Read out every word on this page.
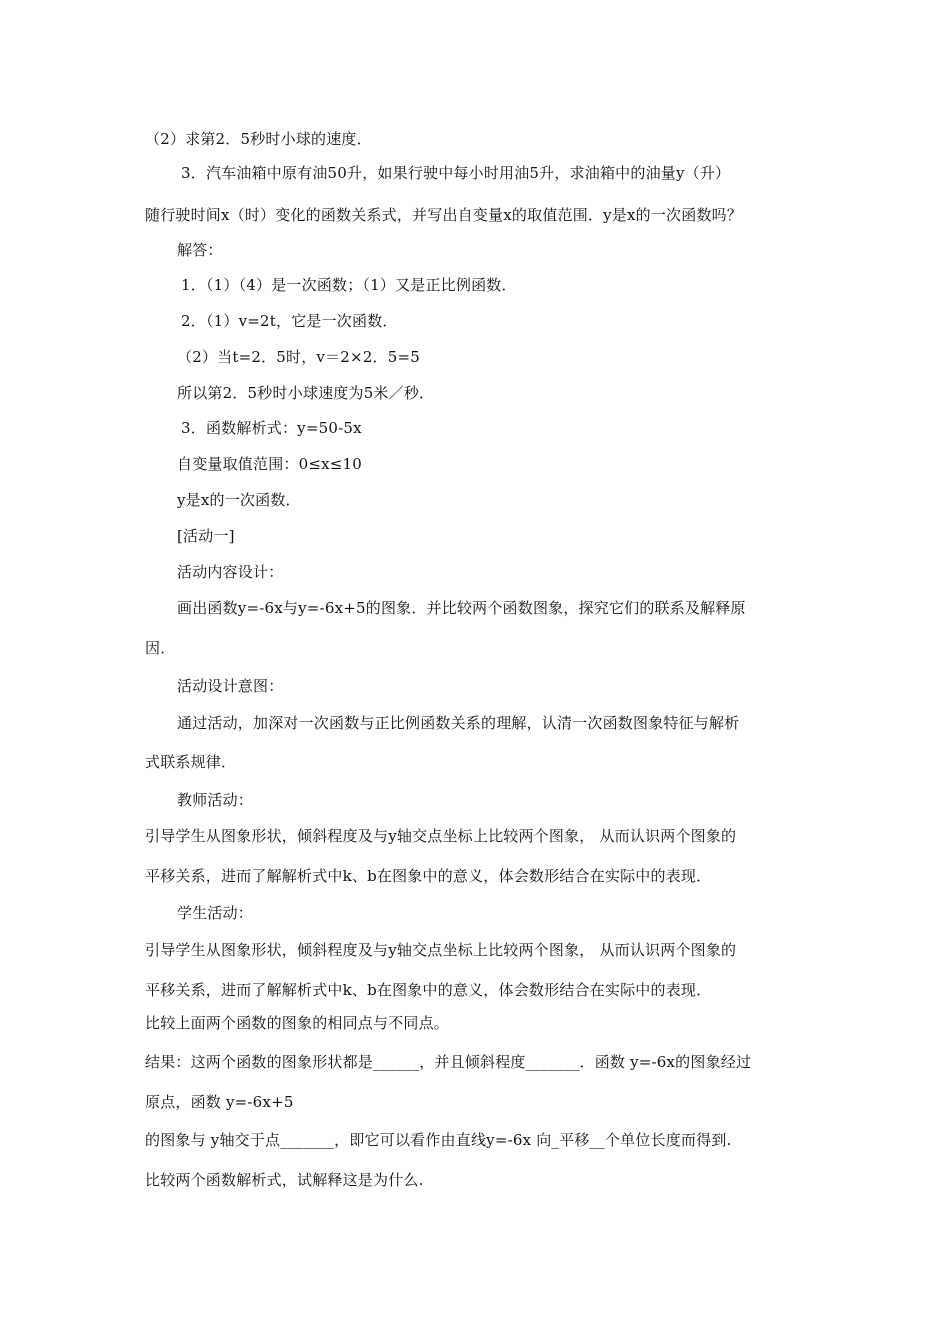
（2）求第2．5秒时小球的速度．
3．汽车油箱中原有油50升，如果行驶中每小时用油5升，求油箱中的油量y（升）
随行驶时间x（时）变化的函数关系式，并写出自变量x的取值范围．y是x的一次函数吗？
解答：
1．（1）（4）是一次函数；（1）又是正比例函数．
2．（1）v=2t，它是一次函数．
（2）当t=2．5时，v＝2×2．5=5
所以第2．5秒时小球速度为5米／秒．
3．函数解析式：y=50-5x
自变量取值范围：0≤x≤10
y是x的一次函数．
[活动一]
活动内容设计：
画出函数y=-6x与y=-6x+5的图象．并比较两个函数图象，探究它们的联系及解释原
因．
活动设计意图：
通过活动，加深对一次函数与正比例函数关系的理解，认清一次函数图象特征与解析
式联系规律．
教师活动：
引导学生从图象形状，倾斜程度及与y轴交点坐标上比较两个图象， 从而认识两个图象的
平移关系，进而了解解析式中k、b在图象中的意义，体会数形结合在实际中的表现．
学生活动：
引导学生从图象形状，倾斜程度及与y轴交点坐标上比较两个图象， 从而认识两个图象的
平移关系，进而了解解析式中k、b在图象中的意义，体会数形结合在实际中的表现．
比较上面两个函数的图象的相同点与不同点。
结果：这两个函数的图象形状都是______，并且倾斜程度_______．函数 y=-6x的图象经过
原点，函数 y=-6x+5
的图象与 y轴交于点_______，即它可以看作由直线y=-6x 向_平移__个单位长度而得到.
比较两个函数解析式，试解释这是为什么.
